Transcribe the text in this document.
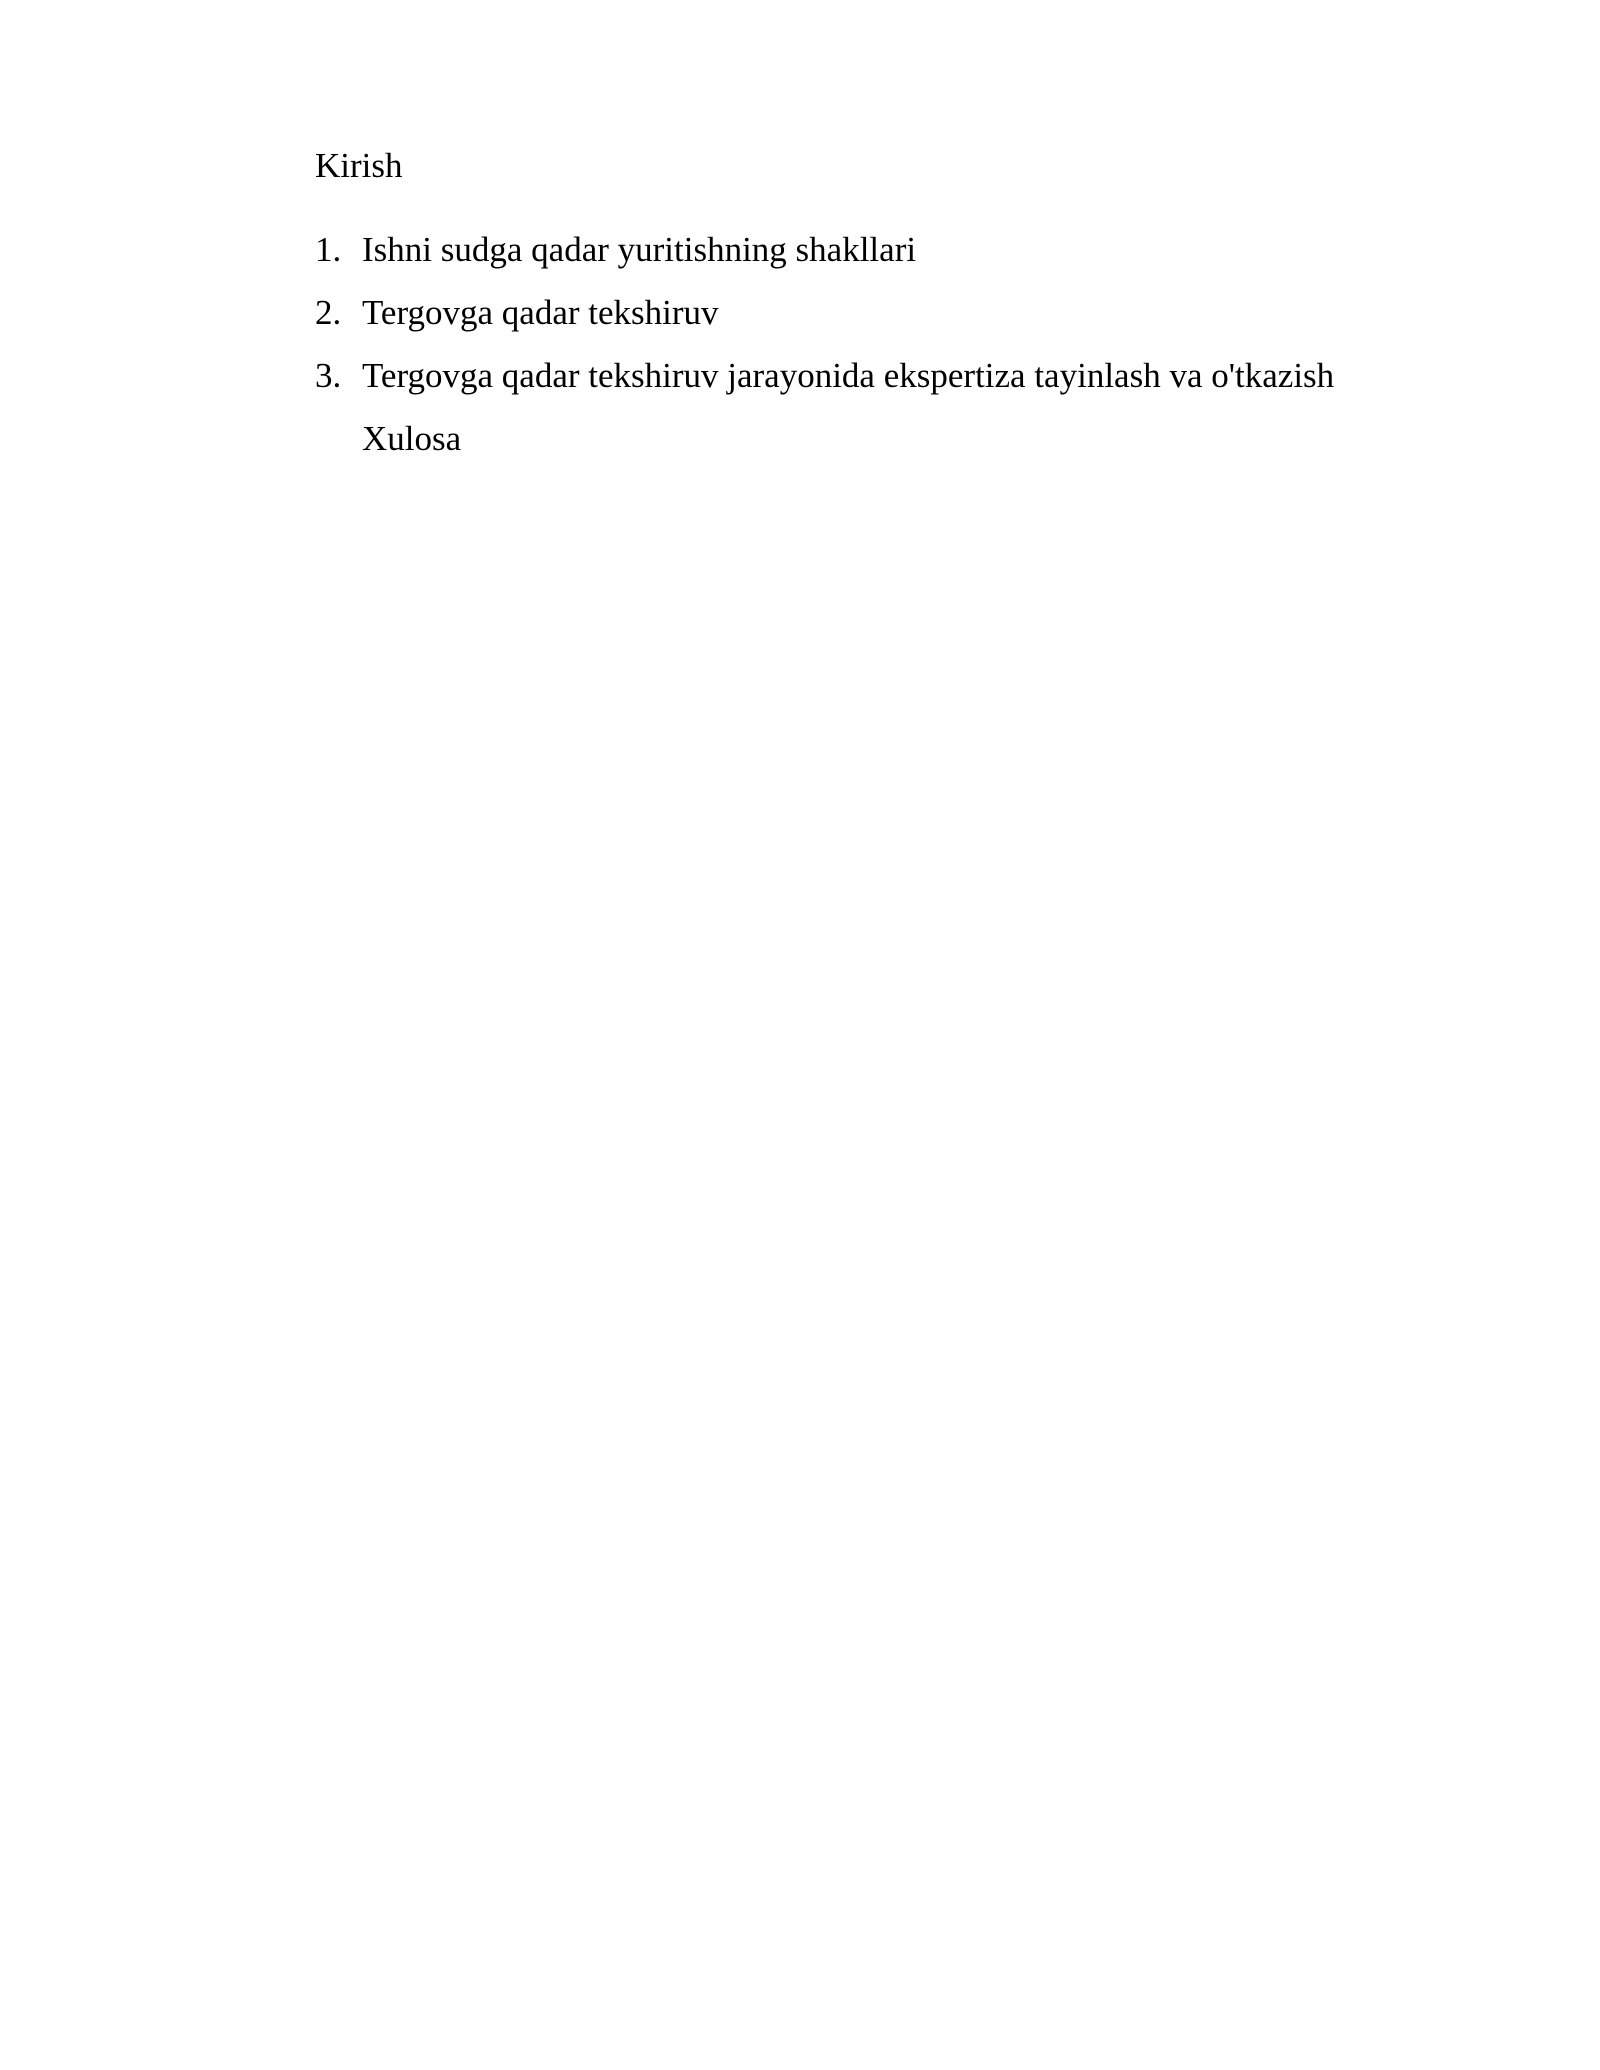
Kirish
1. Ishni sudga qadar yuritishning shakllari
2. Tergovga qadar tekshiruv
3. Tergovga qadar tekshiruv jarayonida ekspertiza tayinlash va o'tkazish
Xulosa
